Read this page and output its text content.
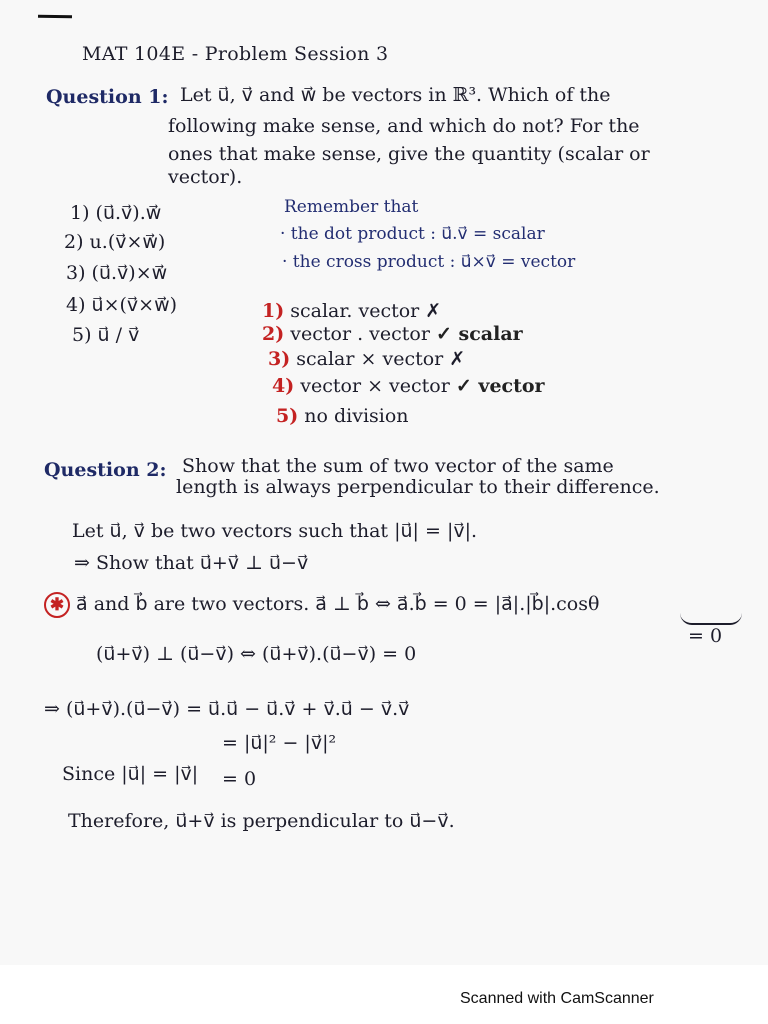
MAT 104E - Problem Session 3
Question 1: Let u⃗, v⃗ and w⃗ be vectors in ℝ³. Which of the
following make sense, and which do not? For the
ones that make sense, give the quantity (scalar or
vector).
1) (u⃗.v⃗).w⃗
2) u.(v⃗×w⃗)
3) (u⃗.v⃗)×w⃗
4) u⃗×(v⃗×w⃗)
5) u⃗ / v⃗
Remember that
· the dot product : u⃗.v⃗ = scalar
· the cross product : u⃗×v⃗ = vector
1) scalar. vector ✗
2) vector . vector ✓ scalar
3) scalar × vector ✗
4) vector × vector ✓ vector
5) no division
Question 2: Show that the sum of two vector of the same
length is always perpendicular to their difference.
Let u⃗, v⃗ be two vectors such that |u⃗| = |v⃗|.
⇒ Show that u⃗+v⃗ ⊥ u⃗−v⃗
✱ a⃗ and b⃗ are two vectors. a⃗ ⊥ b⃗ ⇔ a⃗.b⃗ = 0 = |a⃗|.|b⃗|.cosθ
= 0
(u⃗+v⃗) ⊥ (u⃗−v⃗) ⇔ (u⃗+v⃗).(u⃗−v⃗) = 0
⇒ (u⃗+v⃗).(u⃗−v⃗) = u⃗.u⃗ − u⃗.v⃗ + v⃗.u⃗ − v⃗.v⃗
= |u⃗|² − |v⃗|²
Since |u⃗| = |v⃗| = 0
Therefore, u⃗+v⃗ is perpendicular to u⃗−v⃗.
Scanned with CamScanner
